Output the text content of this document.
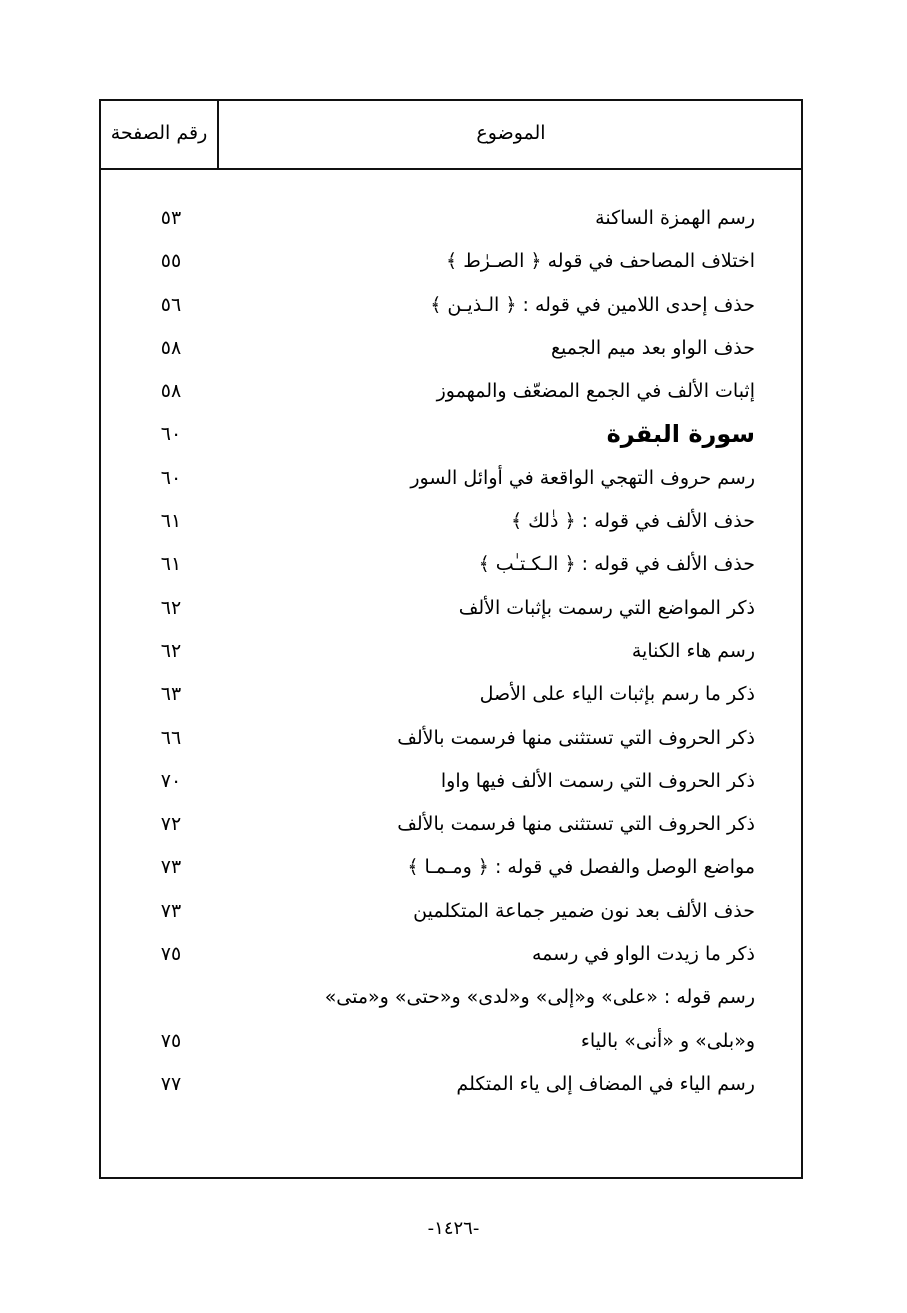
رقم الصفحة	الموضوع
رسم الهمزة الساكنة
٥٣
اختلاف المصاحف في قوله ﴿ الصـرٰط ﴾
٥٥
حذف إحدى اللامين في قوله : ﴿ الـذيـن ﴾
٥٦
حذف الواو بعد ميم الجميع
٥٨
إثبات الألف في الجمع المضعّف والمهموز
٥٨
سورة البقرة
٦٠
رسم حروف التهجي الواقعة في أوائل السور
٦٠
حذف الألف في قوله : ﴿ ذٰلك ﴾
٦١
حذف الألف في قوله : ﴿ الـكـتـٰب ﴾
٦١
ذكر المواضع التي رسمت بإثبات الألف
٦٢
رسم هاء الكناية
٦٢
ذكر ما رسم بإثبات الياء على الأصل
٦٣
ذكر الحروف التي تستثنى منها فرسمت بالألف
٦٦
ذكر الحروف التي رسمت الألف فيها واوا
٧٠
ذكر الحروف التي تستثنى منها فرسمت بالألف
٧٢
مواضع الوصل والفصل في قوله : ﴿ ومـمـا ﴾
٧٣
حذف الألف بعد نون ضمير جماعة المتكلمين
٧٣
ذكر ما زيدت الواو في رسمه
٧٥
رسم قوله : «على» و«إلى» و«لدى» و«حتى» و«متى»
و«بلى» و «أنى» بالياء
٧٥
رسم الياء في المضاف إلى ياء المتكلم
٧٧
-١٤٢٦-
